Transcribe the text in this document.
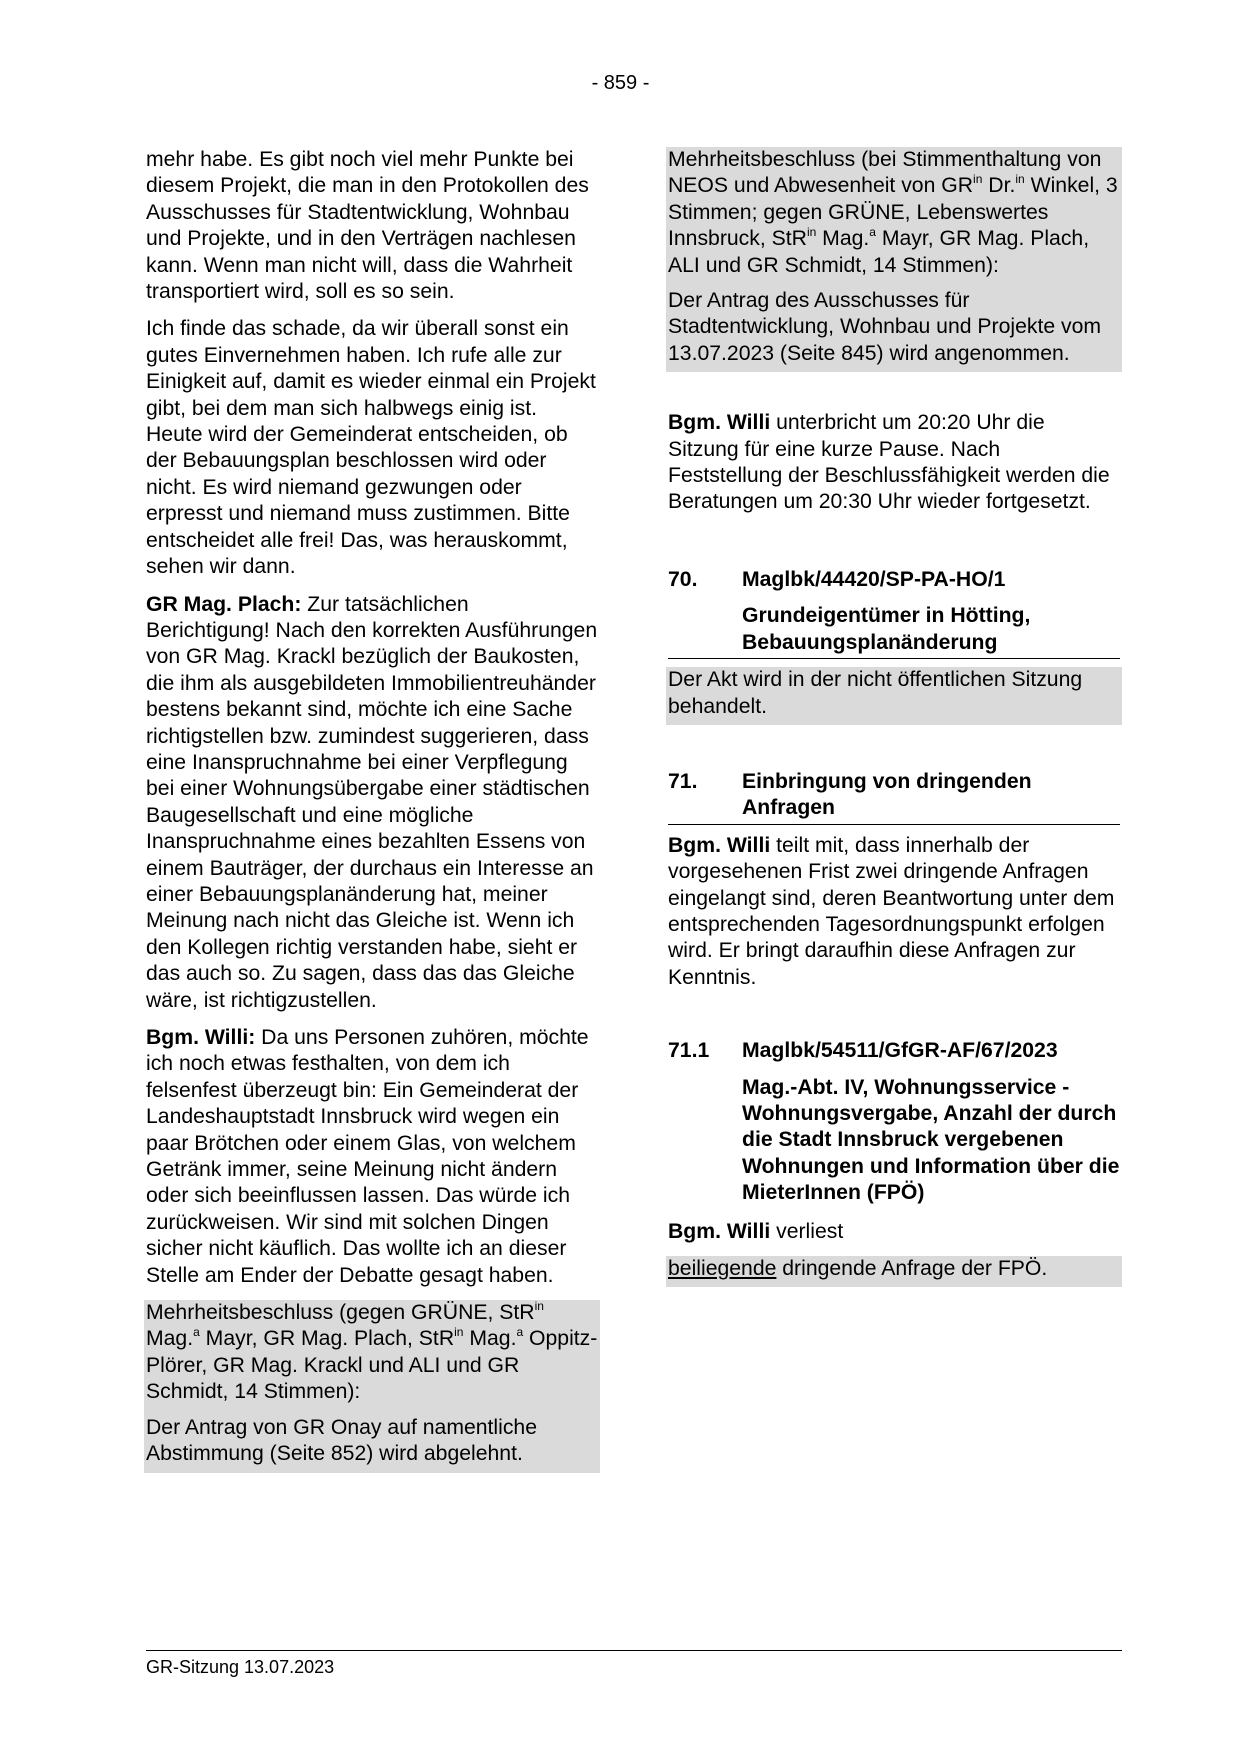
- 859 -

mehr habe. Es gibt noch viel mehr Punkte bei diesem Projekt, die man in den Protokollen des Ausschusses für Stadtentwicklung, Wohnbau und Projekte, und in den Verträgen nachlesen kann. Wenn man nicht will, dass die Wahrheit transportiert wird, soll es so sein.

Ich finde das schade, da wir überall sonst ein gutes Einvernehmen haben. Ich rufe alle zur Einigkeit auf, damit es wieder einmal ein Projekt gibt, bei dem man sich halbwegs einig ist. Heute wird der Gemeinderat entscheiden, ob der Bebauungsplan beschlossen wird oder nicht. Es wird niemand gezwungen oder erpresst und niemand muss zustimmen. Bitte entscheidet alle frei! Das, was herauskommt, sehen wir dann.

GR Mag. Plach: Zur tatsächlichen Berichtigung! Nach den korrekten Ausführungen von GR Mag. Krackl bezüglich der Baukosten, die ihm als ausgebildeten Immobilientreuhänder bestens bekannt sind, möchte ich eine Sache richtigstellen bzw. zumindest suggerieren, dass eine Inanspruchnahme bei einer Verpflegung bei einer Wohnungsübergabe einer städtischen Baugesellschaft und eine mögliche Inanspruchnahme eines bezahlten Essens von einem Bauträger, der durchaus ein Interesse an einer Bebauungsplanänderung hat, meiner Meinung nach nicht das Gleiche ist. Wenn ich den Kollegen richtig verstanden habe, sieht er das auch so. Zu sagen, dass das das Gleiche wäre, ist richtigzustellen.

Bgm. Willi: Da uns Personen zuhören, möchte ich noch etwas festhalten, von dem ich felsenfest überzeugt bin: Ein Gemeinderat der Landeshauptstadt Innsbruck wird wegen ein paar Brötchen oder einem Glas, von welchem Getränk immer, seine Meinung nicht ändern oder sich beeinflussen lassen. Das würde ich zurückweisen. Wir sind mit solchen Dingen sicher nicht käuflich. Das wollte ich an dieser Stelle am Ender der Debatte gesagt haben.

Mehrheitsbeschluss (gegen GRÜNE, StR$^{in}$ Mag.$^a$ Mayr, GR Mag. Plach, StR$^{in}$ Mag.$^a$ Oppitz-Plörer, GR Mag. Krackl und ALI und GR Schmidt, 14 Stimmen):

Der Antrag von GR Onay auf namentliche Abstimmung (Seite 852) wird abgelehnt.

Mehrheitsbeschluss (bei Stimmenthaltung von NEOS und Abwesenheit von $GR^{in}$ Dr.$^{in}$ Winkel, 3 Stimmen; gegen GRÜNE, Lebenswertes Innsbruck, StR$^{in}$ Mag.$^a$ Mayr, GR Mag. Plach, ALI und GR Schmidt, 14 Stimmen):

Der Antrag des Ausschusses für Stadtentwicklung, Wohnbau und Projekte vom 13.07.2023 (Seite 845) wird angenommen.

Bgm. Willi unterbricht um 20:20 Uhr die Sitzung für eine kurze Pause. Nach Feststellung der Beschlussfähigkeit werden die Beratungen um 20:30 Uhr wieder fortgesetzt.

70.	Maglbk/44420/SP-PA-HO/1
Grundeigentümer in Hötting, Bebauungsplanänderung

Der Akt wird in der nicht öffentlichen Sitzung behandelt.

71.	Einbringung von dringenden Anfragen

Bgm. Willi teilt mit, dass innerhalb der vorgesehenen Frist zwei dringende Anfragen eingelangt sind, deren Beantwortung unter dem entsprechenden Tagesordnungspunkt erfolgen wird. Er bringt daraufhin diese Anfragen zur Kenntnis.

71.1	Maglbk/54511/GfGR-AF/67/2023
Mag.-Abt. IV, Wohnungsservice - Wohnungsvergabe, Anzahl der durch die Stadt Innsbruck vergebenen Wohnungen und Information über die MieterInnen (FPÖ)

Bgm. Willi verliest

beiliegende dringende Anfrage der FPÖ.

GR-Sitzung 13.07.2023
